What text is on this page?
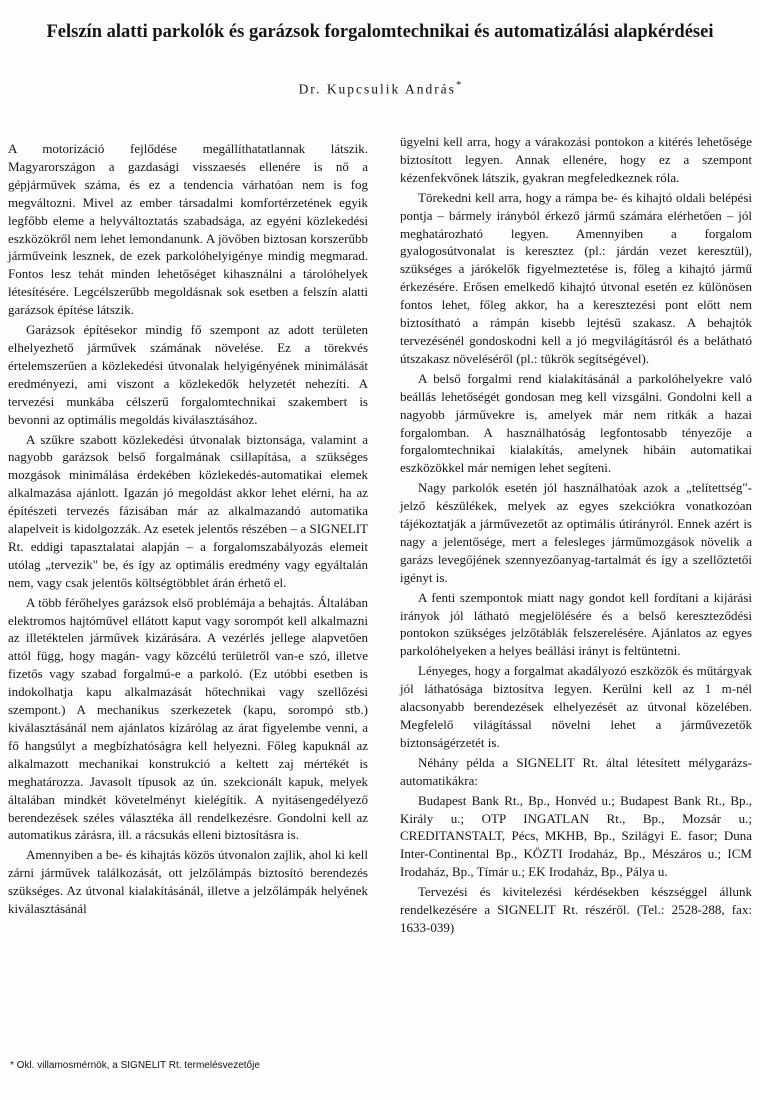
Felszín alatti parkolók és garázsok forgalomtechnikai és automatizálási alapkérdései
Dr. Kupcsulik András*

A motorizáció fejlődése megállíthatatlannak látszik. Magyarországon a gazdasági visszaesés ellenére is nő a gépjárművek száma, és ez a tendencia várhatóan nem is fog megváltozni. Mivel az ember társadalmi komfortérzetének egyik legfőbb eleme a helyváltoztatás szabadsága, az egyéni közlekedési eszközökről nem lehet lemondanunk. A jövőben biztosan korszerűbb járműveink lesznek, de ezek parkolóhelyigénye mindig megmarad. Fontos lesz tehát minden lehetőséget kihasználni a tárolóhelyek létesítésére. Legcélszerűbb megoldásnak sok esetben a felszín alatti garázsok építése látszik.

Garázsok építésekor mindig fő szempont az adott területen elhelyezhető járművek számának növelése. Ez a törekvés értelemszerűen a közlekedési útvonalak helyigényének minimálását eredményezi, ami viszont a közlekedők helyzetét nehezíti. A tervezési munkába célszerű forgalomtechnikai szakembert is bevonni az optimális megoldás kiválasztásához.

A szűkre szabott közlekedési útvonalak biztonsága, valamint a nagyobb garázsok belső forgalmának csillapítása, a szükséges mozgások minimálása érdekében közlekedés-automatikai elemek alkalmazása ajánlott. Igazán jó megoldást akkor lehet elérni, ha az építészeti tervezés fázisában már az alkalmazandó automatika alapelveit is kidolgozzák. Az esetek jelentős részében – a SIGNELIT Rt. eddigi tapasztalatai alapján – a forgalomszabályozás elemeit utólag „tervezik" be, és így az optimális eredmény vagy egyáltalán nem, vagy csak jelentős költségtöbblet árán érhető el.

A több férőhelyes garázsok első problémája a behajtás. Általában elektromos hajtóművel ellátott kaput vagy sorompót kell alkalmazni az illetéktelen járművek kizárására. A vezérlés jellege alapvetően attól függ, hogy magán- vagy közcélú területről van-e szó, illetve fizetős vagy szabad forgalmú-e a parkoló. (Ez utóbbi esetben is indokolhatja kapu alkalmazását hőtechnikai vagy szellőzési szempont.) A mechanikus szerkezetek (kapu, sorompó stb.) kiválasztásánál nem ajánlatos kizárólag az árat figyelembe venni, a fő hangsúlyt a megbízhatóságra kell helyezni. Főleg kapuknál az alkalmazott mechanikai konstrukció a keltett zaj mértékét is meghatározza. Javasolt típusok az ún. szekcionált kapuk, melyek általában mindkét követelményt kielégítik. A nyitásengedélyező berendezések széles választéka áll rendelkezésre. Gondolni kell az automatikus zárásra, ill. a rácsukás elleni biztosításra is.

Amennyiben a be- és kihajtás közös útvonalon zajlik, ahol ki kell zárni járművek találkozását, ott jelzőlámpás biztosító berendezés szükséges. Az útvonal kialakításánál, illetve a jelzőlámpák helyének kiválasztásánál

ügyelni kell arra, hogy a várakozási pontokon a kitérés lehetősége biztosított legyen. Annak ellenére, hogy ez a szempont kézenfekvőnek látszik, gyakran megfeledkeznek róla.

Törekedni kell arra, hogy a rámpa be- és kihajtó oldali belépési pontja – bármely irányból érkező jármű számára elérhetően – jól meghatározható legyen. Amennyiben a forgalom gyalogosútvonalat is keresztez (pl.: járdán vezet keresztül), szükséges a járókelők figyelmeztetése is, főleg a kihajtó jármű érkezésére. Erősen emelkedő kihajtó útvonal esetén ez különösen fontos lehet, főleg akkor, ha a keresztezési pont előtt nem biztosítható a rámpán kisebb lejtésű szakasz. A behajtók tervezésénél gondoskodni kell a jó megvilágításról és a belátható útszakasz növeléséről (pl.: tükrök segítségével).

A belső forgalmi rend kialakításánál a parkolóhelyekre való beállás lehetőségét gondosan meg kell vizsgálni. Gondolni kell a nagyobb járművekre is, amelyek már nem ritkák a hazai forgalomban. A használhatóság legfontosabb tényezője a forgalomtechnikai kialakítás, amelynek hibáin automatikai eszközökkel már nemigen lehet segíteni.

Nagy parkolók esetén jól használhatóak azok a „telítettség"-jelző készülékek, melyek az egyes szekciókra vonatkozóan tájékoztatják a járművezetőt az optimális útirányról. Ennek azért is nagy a jelentősége, mert a felesleges járműmozgások növelik a garázs levegőjének szennyezőanyag-tartalmát és így a szellőztetői igényt is.

A fenti szempontok miatt nagy gondot kell fordítani a kijárási irányok jól látható megjelölésére és a belső kereszteződési pontokon szükséges jelzőtáblák felszerelésére. Ajánlatos az egyes parkolóhelyeken a helyes beállási irányt is feltüntetni.

Lényeges, hogy a forgalmat akadályozó eszközök és műtárgyak jól láthatósága biztosítva legyen. Kerülni kell az 1 m-nél alacsonyabb berendezések elhelyezését az útvonal közelében. Megfelelő világítással növelni lehet a járművezetők biztonságérzetét is.

Néhány példa a SIGNELIT Rt. által létesített mélygarázs-automatikákra:

Budapest Bank Rt., Bp., Honvéd u.; Budapest Bank Rt., Bp., Király u.; OTP INGATLAN Rt., Bp., Mozsár u.; CREDITANSTALT, Pécs, MKHB, Bp., Szilágyi E. fasor; Duna Inter-Continental Bp., KÖZTI Irodaház, Bp., Mészáros u.; ICM Irodaház, Bp., Tímár u.; EK Irodaház, Bp., Pálya u.

Tervezési és kivitelezési kérdésekben készséggel állunk rendelkezésére a SIGNELIT Rt. részéről. (Tel.: 2528-288, fax: 1633-039)

* Okl. villamosmérnök, a SIGNELIT Rt. termelésvezetője
